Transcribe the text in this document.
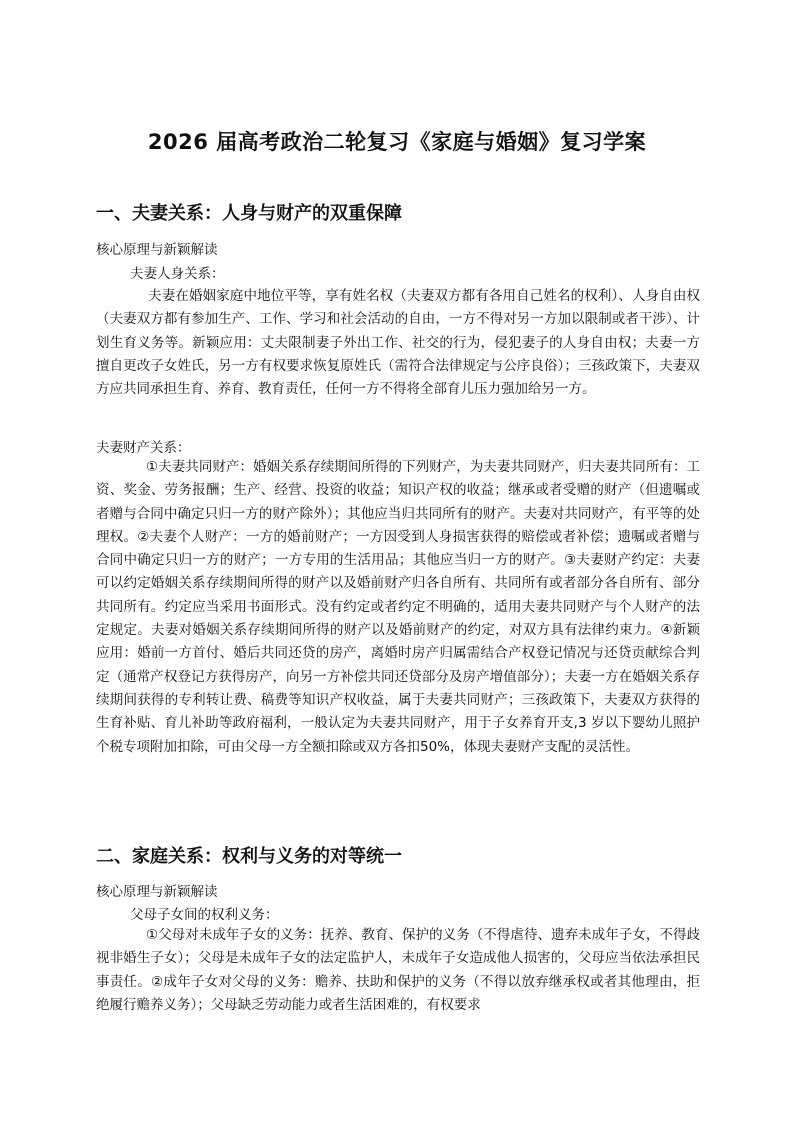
2026 届高考政治二轮复习《家庭与婚姻》复习学案
一、夫妻关系：人身与财产的双重保障
核心原理与新颖解读
夫妻人身关系：
夫妻在婚姻家庭中地位平等，享有姓名权（夫妻双方都有各用自己姓名的权利）、人身自由权（夫妻双方都有参加生产、工作、学习和社会活动的自由，一方不得对另一方加以限制或者干涉）、计划生育义务等。新颖应用：丈夫限制妻子外出工作、社交的行为，侵犯妻子的人身自由权；夫妻一方擅自更改子女姓氏，另一方有权要求恢复原姓氏（需符合法律规定与公序良俗）；三孩政策下，夫妻双方应共同承担生育、养育、教育责任，任何一方不得将全部育儿压力强加给另一方。
夫妻财产关系：
①夫妻共同财产：婚姻关系存续期间所得的下列财产，为夫妻共同财产，归夫妻共同所有：工资、奖金、劳务报酬；生产、经营、投资的收益；知识产权的收益；继承或者受赠的财产（但遗嘱或者赠与合同中确定只归一方的财产除外）；其他应当归共同所有的财产。夫妻对共同财产，有平等的处理权。②夫妻个人财产：一方的婚前财产；一方因受到人身损害获得的赔偿或者补偿；遗嘱或者赠与合同中确定只归一方的财产；一方专用的生活用品；其他应当归一方的财产。③夫妻财产约定：夫妻可以约定婚姻关系存续期间所得的财产以及婚前财产归各自所有、共同所有或者部分各自所有、部分共同所有。约定应当采用书面形式。没有约定或者约定不明确的，适用夫妻共同财产与个人财产的法定规定。夫妻对婚姻关系存续期间所得的财产以及婚前财产的约定，对双方具有法律约束力。④新颖应用：婚前一方首付、婚后共同还贷的房产，离婚时房产归属需结合产权登记情况与还贷贡献综合判定（通常产权登记方获得房产，向另一方补偿共同还贷部分及房产增值部分）；夫妻一方在婚姻关系存续期间获得的专利转让费、稿费等知识产权收益，属于夫妻共同财产；三孩政策下，夫妻双方获得的生育补贴、育儿补助等政府福利，一般认定为夫妻共同财产，用于子女养育开支,3 岁以下婴幼儿照护个税专项附加扣除，可由父母一方全额扣除或双方各扣50%，体现夫妻财产支配的灵活性。
二、家庭关系：权利与义务的对等统一
核心原理与新颖解读
父母子女间的权利义务：
①父母对未成年子女的义务：抚养、教育、保护的义务（不得虐待、遗弃未成年子女，不得歧视非婚生子女）；父母是未成年子女的法定监护人，未成年子女造成他人损害的，父母应当依法承担民事责任。②成年子女对父母的义务：赡养、扶助和保护的义务（不得以放弃继承权或者其他理由，拒绝履行赡养义务）；父母缺乏劳动能力或者生活困难的，有权要求
